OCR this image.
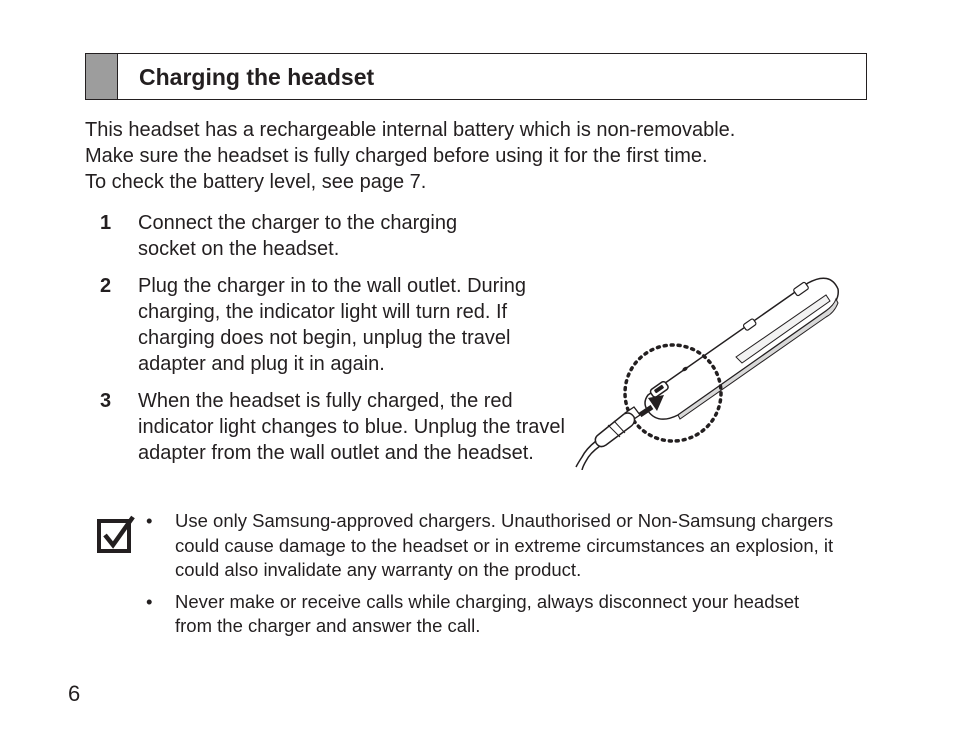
Charging the headset

This headset has a rechargeable internal battery which is non-removable.

Make sure the headset is fully charged before using it for the first time.

To check the battery level, see page 7.

1	Connect the charger to the charging socket on the headset.
2	Plug the charger in to the wall outlet. During charging, the indicator light will turn red. If charging does not begin, unplug the travel adapter and plug it in again.
3	When the headset is fully charged, the red indicator light changes to blue. Unplug the travel adapter from the wall outlet and the headset.
•	Use only Samsung-approved chargers. Unauthorised or Non-Samsung chargers could cause damage to the headset or in extreme circumstances an explosion, it could also invalidate any warranty on the product.
•	Never make or receive calls while charging, always disconnect your headset from the charger and answer the call.
6
